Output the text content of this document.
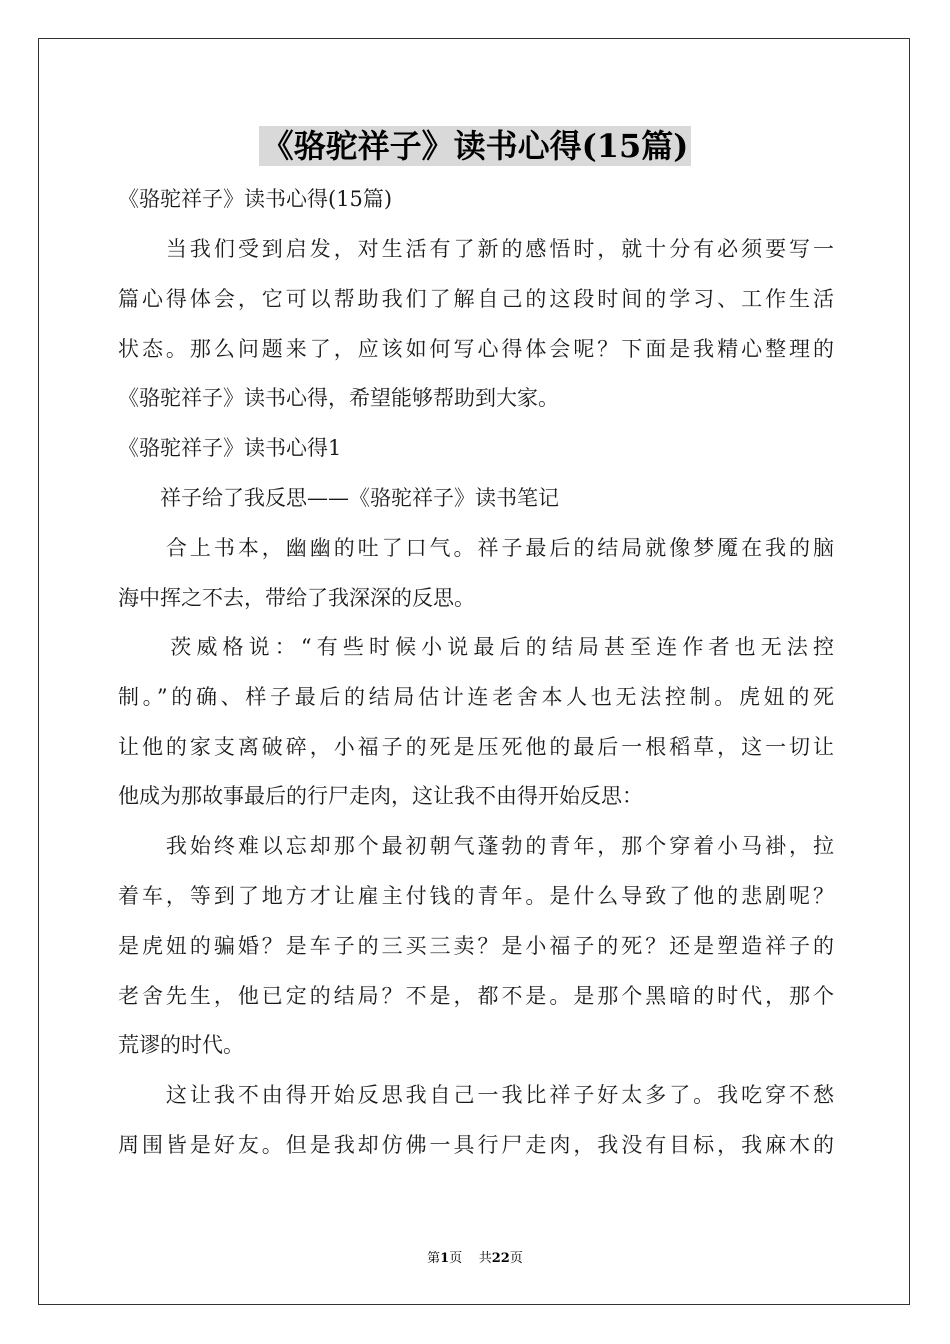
《骆驼祥子》读书心得(15篇)
《骆驼祥子》读书心得(15篇)
　　当我们受到启发，对生活有了新的感悟时，就十分有必须要写一
篇心得体会，它可以帮助我们了解自己的这段时间的学习、工作生活
状态。那么问题来了，应该如何写心得体会呢？下面是我精心整理的
《骆驼祥子》读书心得，希望能够帮助到大家。
《骆驼祥子》读书心得1
　　祥子给了我反思——《骆驼祥子》读书笔记
　　合上书本，幽幽的吐了口气。祥子最后的结局就像梦魇在我的脑
海中挥之不去，带给了我深深的反思。
　　茨威格说：“有些时候小说最后的结局甚至连作者也无法控
制。”的确、样子最后的结局估计连老舍本人也无法控制。虎妞的死
让他的家支离破碎，小福子的死是压死他的最后一根稻草，这一切让
他成为那故事最后的行尸走肉，这让我不由得开始反思：
　　我始终难以忘却那个最初朝气蓬勃的青年，那个穿着小马褂，拉
着车，等到了地方才让雇主付钱的青年。是什么导致了他的悲剧呢？
是虎妞的骗婚？是车子的三买三卖？是小福子的死？还是塑造祥子的
老舍先生，他已定的结局？不是，都不是。是那个黑暗的时代，那个
荒谬的时代。
　　这让我不由得开始反思我自己一我比祥子好太多了。我吃穿不愁
周围皆是好友。但是我却仿佛一具行尸走肉，我没有目标，我麻木的
第1页 共22页
